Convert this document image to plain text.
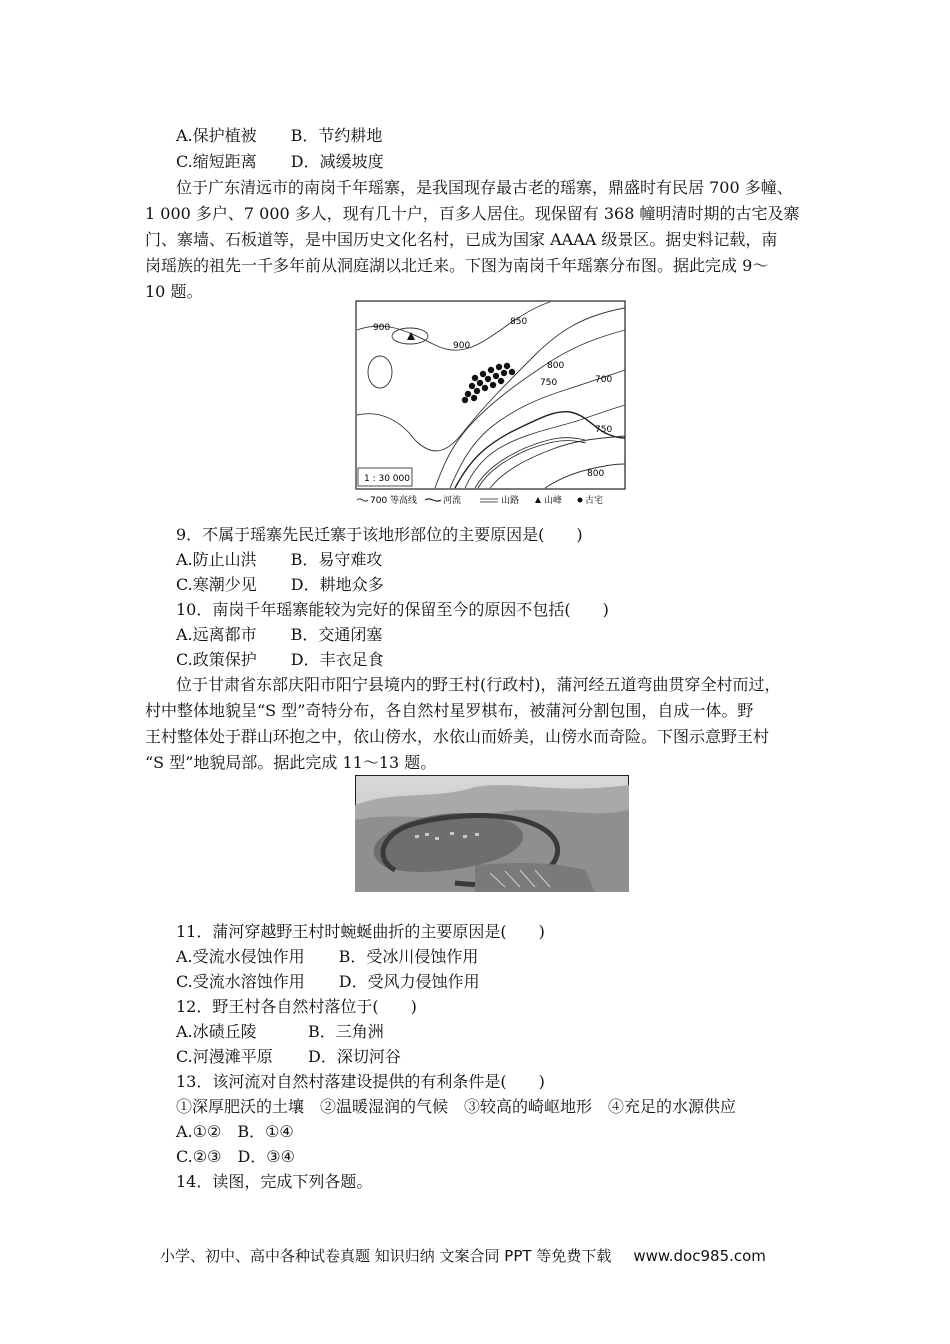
A.保护植被 B．节约耕地
C.缩短距离 D．减缓坡度
位于广东清远市的南岗千年瑶寨，是我国现存最古老的瑶寨，鼎盛时有民居 700 多幢、
1 000 多户、7 000 多人，现有几十户，百多人居住。现保留有 368 幢明清时期的古宅及寨
门、寨墙、石板道等，是中国历史文化名村，已成为国家 AAAA 级景区。据史料记载，南
岗瑶族的祖先一千多年前从洞庭湖以北迁来。下图为南岗千年瑶寨分布图。据此完成 9～
10 题。
900
900
850
800
750	700
750
800
1 : 30 000
700 等高线	河流	山路	山峰	古宅
9．不属于瑶寨先民迁寨于该地形部位的主要原因是(　　)
A.防止山洪 B．易守难攻
C.寒潮少见 D．耕地众多
10．南岗千年瑶寨能较为完好的保留至今的原因不包括(　　)
A.远离都市 B．交通闭塞
C.政策保护 D．丰衣足食
位于甘肃省东部庆阳市阳宁县境内的野王村(行政村)，蒲河经五道弯曲贯穿全村而过，
村中整体地貌呈“S 型”奇特分布，各自然村星罗棋布，被蒲河分割包围，自成一体。野
王村整体处于群山环抱之中，依山傍水，水依山而娇美，山傍水而奇险。下图示意野王村
“S 型”地貌局部。据此完成 11～13 题。
11．蒲河穿越野王村时蜿蜒曲折的主要原因是(　　)
A.受流水侵蚀作用 B．受冰川侵蚀作用
C.受流水溶蚀作用 D．受风力侵蚀作用
12．野王村各自然村落位于(　　)
A.冰碛丘陵	B．三角洲
C.河漫滩平原 D．深切河谷
13．该河流对自然村落建设提供的有利条件是(　　)
①深厚肥沃的土壤　②温暖湿润的气候　③较高的崎岖地形　④充足的水源供应
A.①②　B．①④
C.②③　D．③④
14．读图，完成下列各题。
小学、初中、高中各种试卷真题 知识归纳 文案合同 PPT 等免费下载 www.doc985.com
